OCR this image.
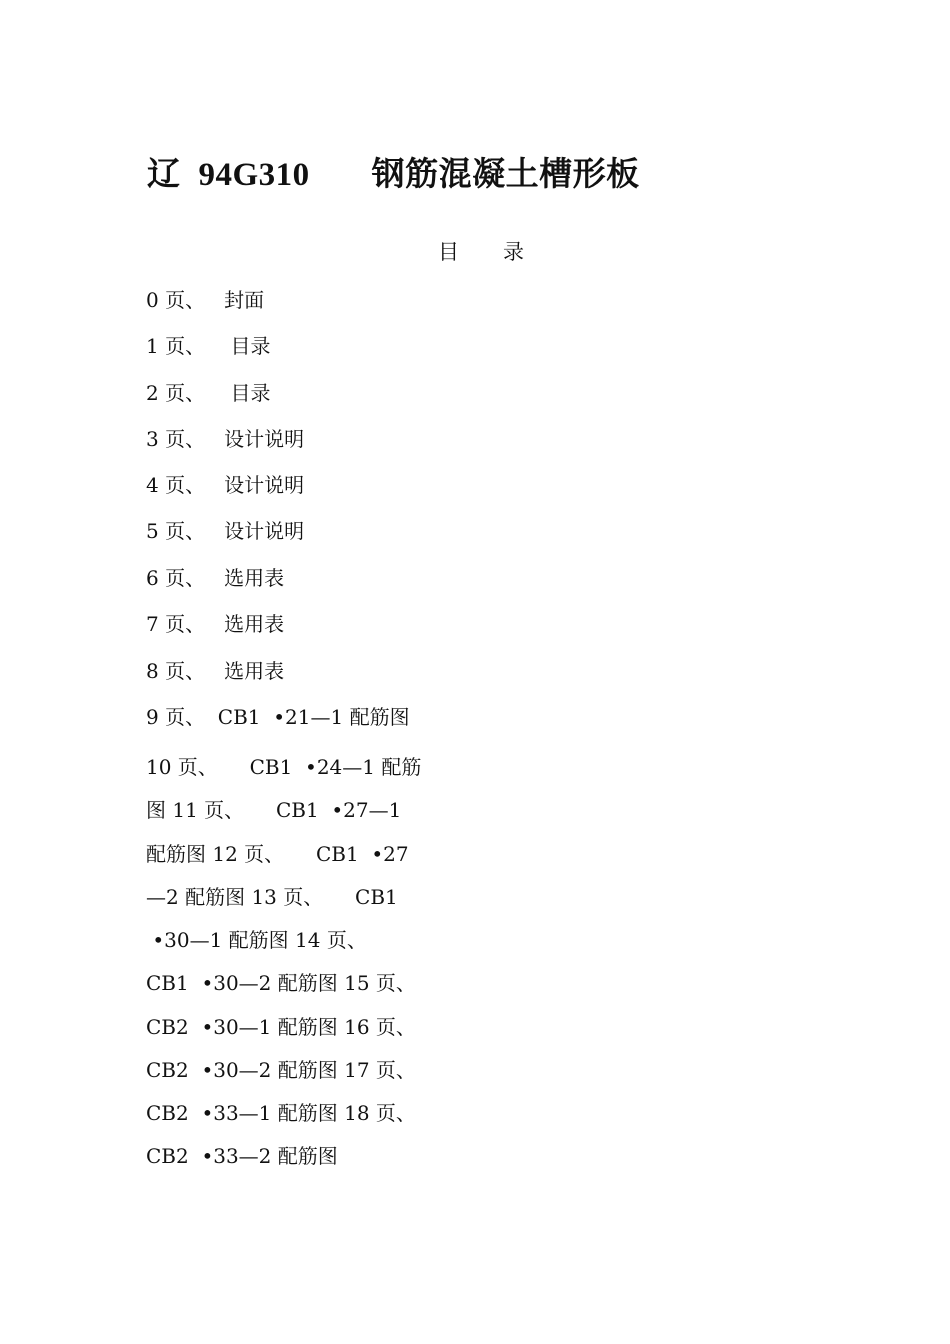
辽 94G310 钢筋混凝土槽形板
目 录
0 页、   封面
1 页、    目录
2 页、    目录
3 页、   设计说明
4 页、   设计说明
5 页、   设计说明
6 页、   选用表
7 页、   选用表
8 页、   选用表
9 页、  CB1  •21—1 配筋图
10 页、     CB1  •24—1 配筋
图 11 页、     CB1  •27—1
配筋图 12 页、     CB1  •27
—2 配筋图 13 页、     CB1
•30—1 配筋图 14 页、
CB1  •30—2 配筋图 15 页、
CB2  •30—1 配筋图 16 页、
CB2  •30—2 配筋图 17 页、
CB2  •33—1 配筋图 18 页、
CB2  •33—2 配筋图
